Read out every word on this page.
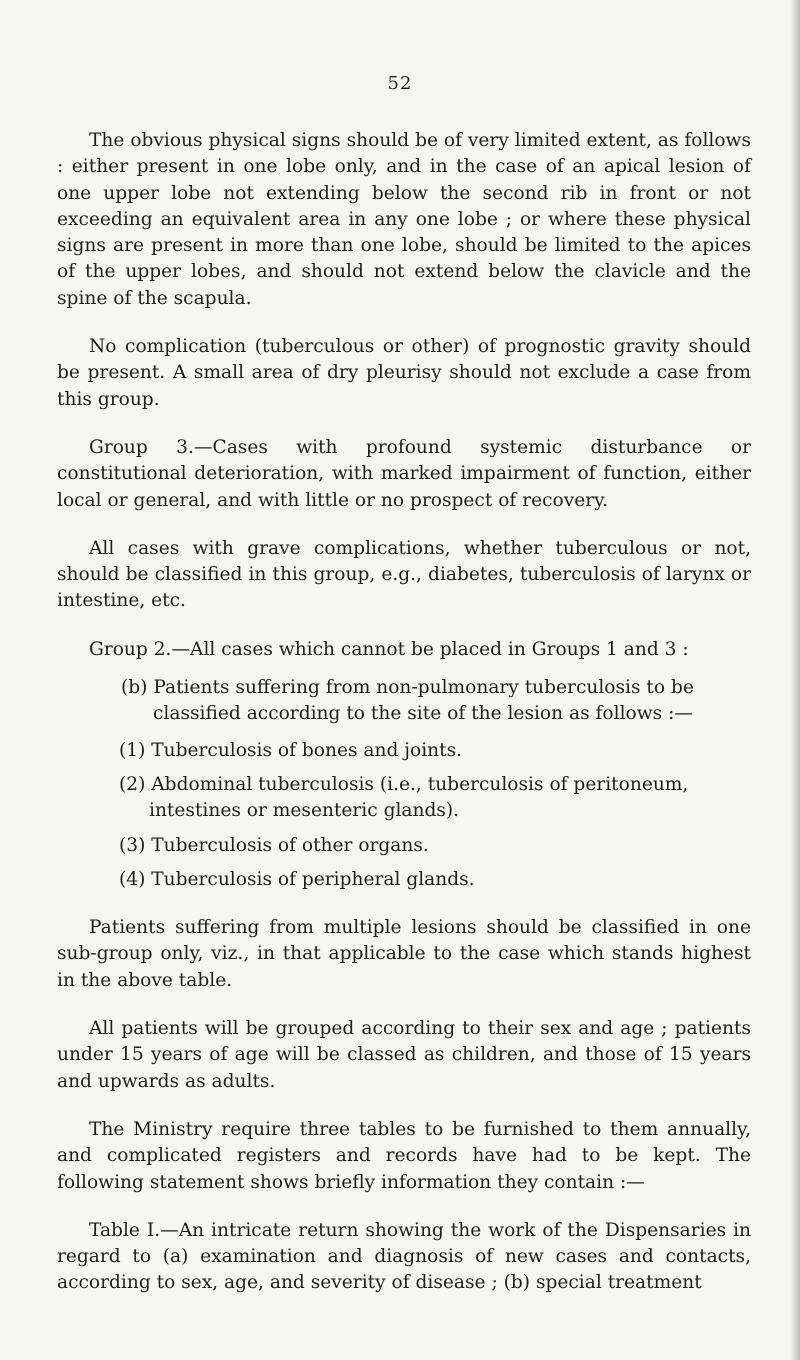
52

The obvious physical signs should be of very limited extent, as follows : either present in one lobe only, and in the case of an apical lesion of one upper lobe not extending below the second rib in front or not exceeding an equivalent area in any one lobe ; or where these physical signs are present in more than one lobe, should be limited to the apices of the upper lobes, and should not extend below the clavicle and the spine of the scapula.

No complication (tuberculous or other) of prognostic gravity should be present. A small area of dry pleurisy should not exclude a case from this group.

Group 3.—Cases with profound systemic disturbance or constitutional deterioration, with marked impairment of function, either local or general, and with little or no prospect of recovery.

All cases with grave complications, whether tuberculous or not, should be classified in this group, e.g., diabetes, tuberculosis of larynx or intestine, etc.

Group 2.—All cases which cannot be placed in Groups 1 and 3 :

(b) Patients suffering from non-pulmonary tuberculosis to be classified according to the site of the lesion as follows :—

(1) Tuberculosis of bones and joints.

(2) Abdominal tuberculosis (i.e., tuberculosis of peritoneum, intestines or mesenteric glands).

(3) Tuberculosis of other organs.

(4) Tuberculosis of peripheral glands.

Patients suffering from multiple lesions should be classified in one sub-group only, viz., in that applicable to the case which stands highest in the above table.

All patients will be grouped according to their sex and age ; patients under 15 years of age will be classed as children, and those of 15 years and upwards as adults.

The Ministry require three tables to be furnished to them annually, and complicated registers and records have had to be kept. The following statement shows briefly information they contain :—

Table I.—An intricate return showing the work of the Dispensaries in regard to (a) examination and diagnosis of new cases and contacts, according to sex, age, and severity of disease ; (b) special treatment
